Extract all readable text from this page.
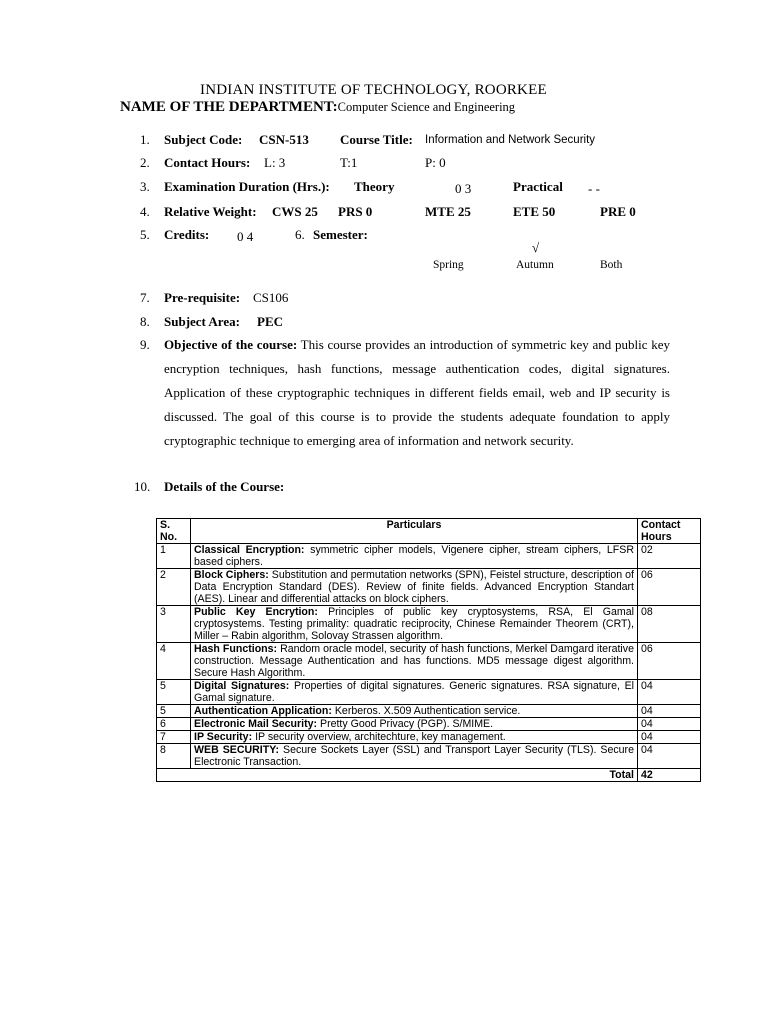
INDIAN INSTITUTE OF TECHNOLOGY, ROORKEE
NAME OF THE DEPARTMENT:Computer Science and Engineering
1. Subject Code: CSN-513 Course Title: Information and Network Security
2. Contact Hours: L: 3	T:1	P: 0
3. Examination Duration (Hrs.): Theory	0 3	Practical - -
4. Relative Weight: CWS 25 PRS 0	MTE 25	ETE 50	PRE 0
5. Credits: 0 4	6. Semester:
√
Spring	Autumn	Both
7. Pre-requisite: CS106
8. Subject Area: PEC
9. Objective of the course: This course provides an introduction of symmetric key and public key encryption techniques, hash functions, message authentication codes, digital signatures. Application of these cryptographic techniques in different fields email, web and IP security is discussed. The goal of this course is to provide the students adequate foundation to apply cryptographic technique to emerging area of information and network security.
10. Details of the Course:
S. No.	Particulars	Contact Hours
1	Classical Encryption: symmetric cipher models, Vigenere cipher, stream ciphers, LFSR based ciphers.	02
2	Block Ciphers: Substitution and permutation networks (SPN), Feistel structure, description of Data Encryption Standard (DES). Review of finite fields. Advanced Encryption Standart (AES). Linear and differential attacks on block ciphers.	06
3	Public Key Encrytion: Principles of public key cryptosystems, RSA, El Gamal cryptosystems. Testing primality: quadratic reciprocity, Chinese Remainder Theorem (CRT), Miller – Rabin algorithm, Solovay Strassen algorithm.	08
4	Hash Functions: Random oracle model, security of hash functions, Merkel Damgard iterative construction. Message Authentication and has functions. MD5 message digest algorithm. Secure Hash Algorithm.	06
5	Digital Signatures: Properties of digital signatures. Generic signatures. RSA signature, El Gamal signature.	04
5	Authentication Application: Kerberos. X.509 Authentication service.	04
6	Electronic Mail Security: Pretty Good Privacy (PGP). S/MIME.	04
7	IP Security: IP security overview, architechture, key management.	04
8	WEB SECURITY: Secure Sockets Layer (SSL) and Transport Layer Security (TLS). Secure Electronic Transaction.	04
Total		42
